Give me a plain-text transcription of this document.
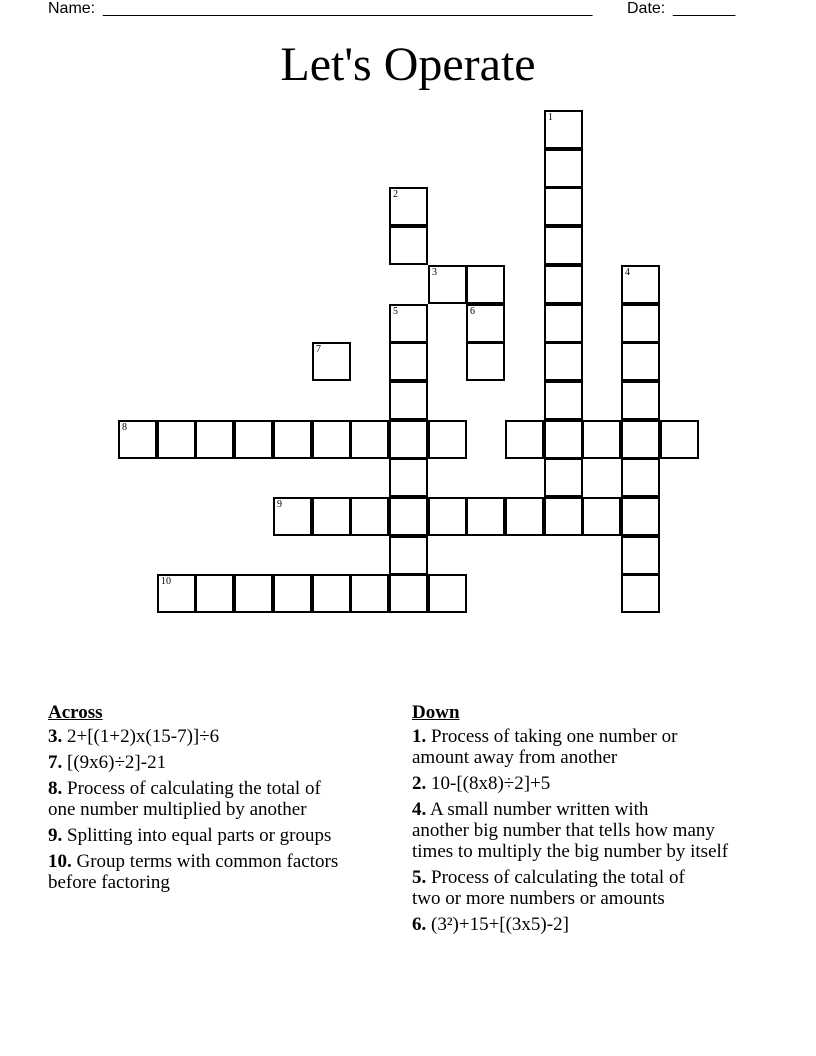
Name: _______________________________________________________ Date: _______
Let's Operate
1
2
5
3
6
4
7
8
9
10
Across
3. 2+[(1+2)x(15-7)]÷6
7. [(9x6)÷2]-21
8. Process of calculating the total of
one number multiplied by another
9. Splitting into equal parts or groups
10. Group terms with common factors
before factoring
Down
1. Process of taking one number or
amount away from another
2. 10-[(8x8)÷2]+5
4. A small number written with
another big number that tells how many
times to multiply the big number by itself
5. Process of calculating the total of
two or more numbers or amounts
6. (3²)+15+[(3x5)-2]
